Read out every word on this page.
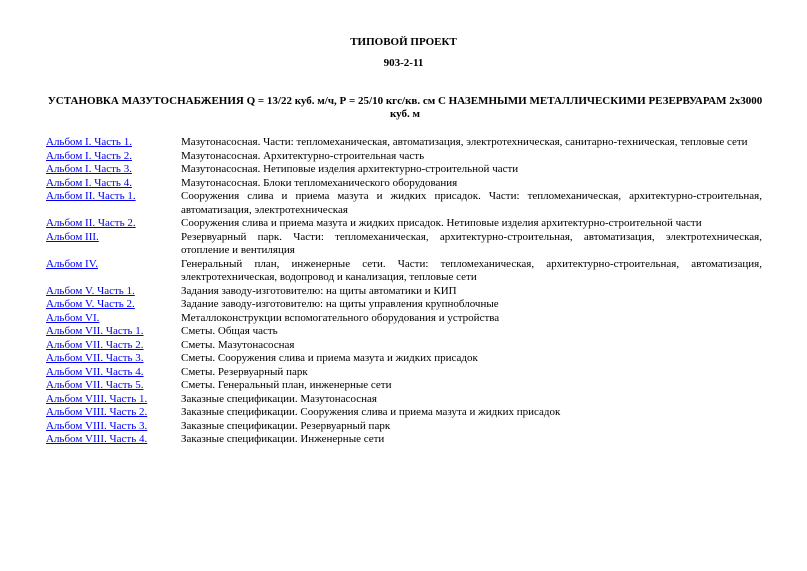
ТИПОВОЙ ПРОЕКТ
903-2-11
УСТАНОВКА МАЗУТОСНАБЖЕНИЯ Q = 13/22 куб. м/ч, Р = 25/10 кгс/кв. см С НАЗЕМНЫМИ МЕТАЛЛИЧЕСКИМИ РЕЗЕРВУАРАМ 2х3000 куб. м
Альбом I. Часть 1.	Мазутонасосная. Части: тепломеханическая, автоматизация, электротехническая, санитарно-техническая, тепловые сети
Альбом I. Часть 2.	Мазутонасосная. Архитектурно-строительная часть
Альбом I. Часть 3.	Мазутонасосная. Нетиповые изделия архитектурно-строительной части
Альбом I. Часть 4.	Мазутонасосная. Блоки тепломеханического оборудования
Альбом II. Часть 1.	Сооружения слива и приема мазута и жидких присадок. Части: тепломеханическая, архитектурно-строительная, автоматизация, электротехническая
Альбом II. Часть 2.	Сооружения слива и приема мазута и жидких присадок. Нетиповые изделия архитектурно-строительной части
Альбом III.	Резервуарный парк. Части: тепломеханическая, архитектурно-строительная, автоматизация, электротехническая, отопление и вентиляция
Альбом IV.	Генеральный план, инженерные сети. Части: тепломеханическая, архитектурно-строительная, автоматизация, электротехническая, водопровод и канализация, тепловые сети
Альбом V. Часть 1.	Задания заводу-изготовителю: на щиты автоматики и КИП
Альбом V. Часть 2.	Задание заводу-изготовителю: на щиты управления крупноблочные
Альбом VI.	Металлоконструкции вспомогательного оборудования и устройства
Альбом VII. Часть 1.	Сметы. Общая часть
Альбом VII. Часть 2.	Сметы. Мазутонасосная
Альбом VII. Часть 3.	Сметы. Сооружения слива и приема мазута и жидких присадок
Альбом VII. Часть 4.	Сметы. Резервуарный парк
Альбом VII. Часть 5.	Сметы. Генеральный план, инженерные сети
Альбом VIII. Часть 1.	Заказные спецификации. Мазутонасосная
Альбом VIII. Часть 2.	Заказные спецификации. Сооружения слива и приема мазута и жидких присадок
Альбом VIII. Часть 3.	Заказные спецификации. Резервуарный парк
Альбом VIII. Часть 4.	Заказные спецификации. Инженерные сети
